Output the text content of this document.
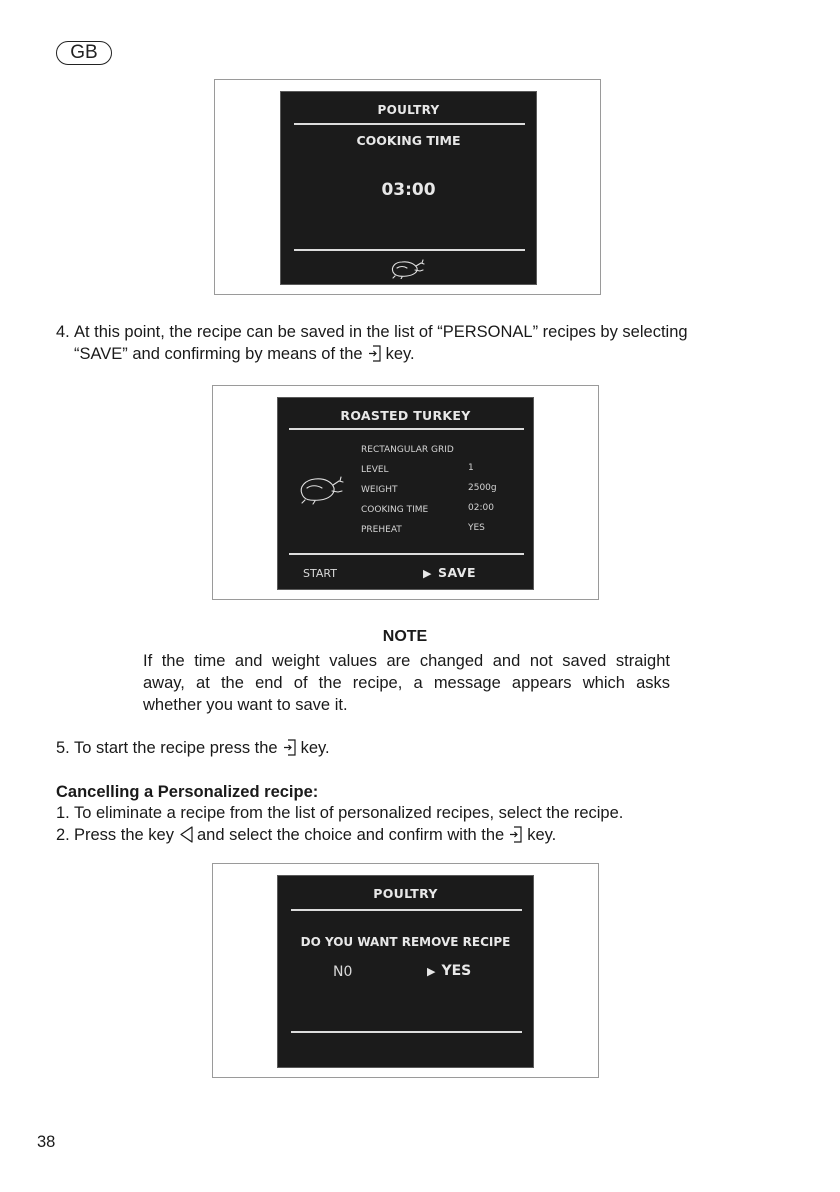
GB
POULTRY
COOKING TIME
03:00
4. At this point, the recipe can be saved in the list of “PERSONAL” recipes by selecting
“SAVE” and confirming by means of the key.
ROASTED TURKEY
RECTANGULAR GRID
LEVEL	1
WEIGHT	2500g
COOKING TIME	02:00
PREHEAT	YES
START	▶ SAVE
NOTE
If the time and weight values are changed and not saved straight
away, at the end of the recipe, a message appears which asks
whether you want to save it.
5. To start the recipe press the key.
Cancelling a Personalized recipe:
1. To eliminate a recipe from the list of personalized recipes, select the recipe.
2. Press the key and select the choice and confirm with the key.
POULTRY
DO YOU WANT REMOVE RECIPE
N0	▶ YES
38
